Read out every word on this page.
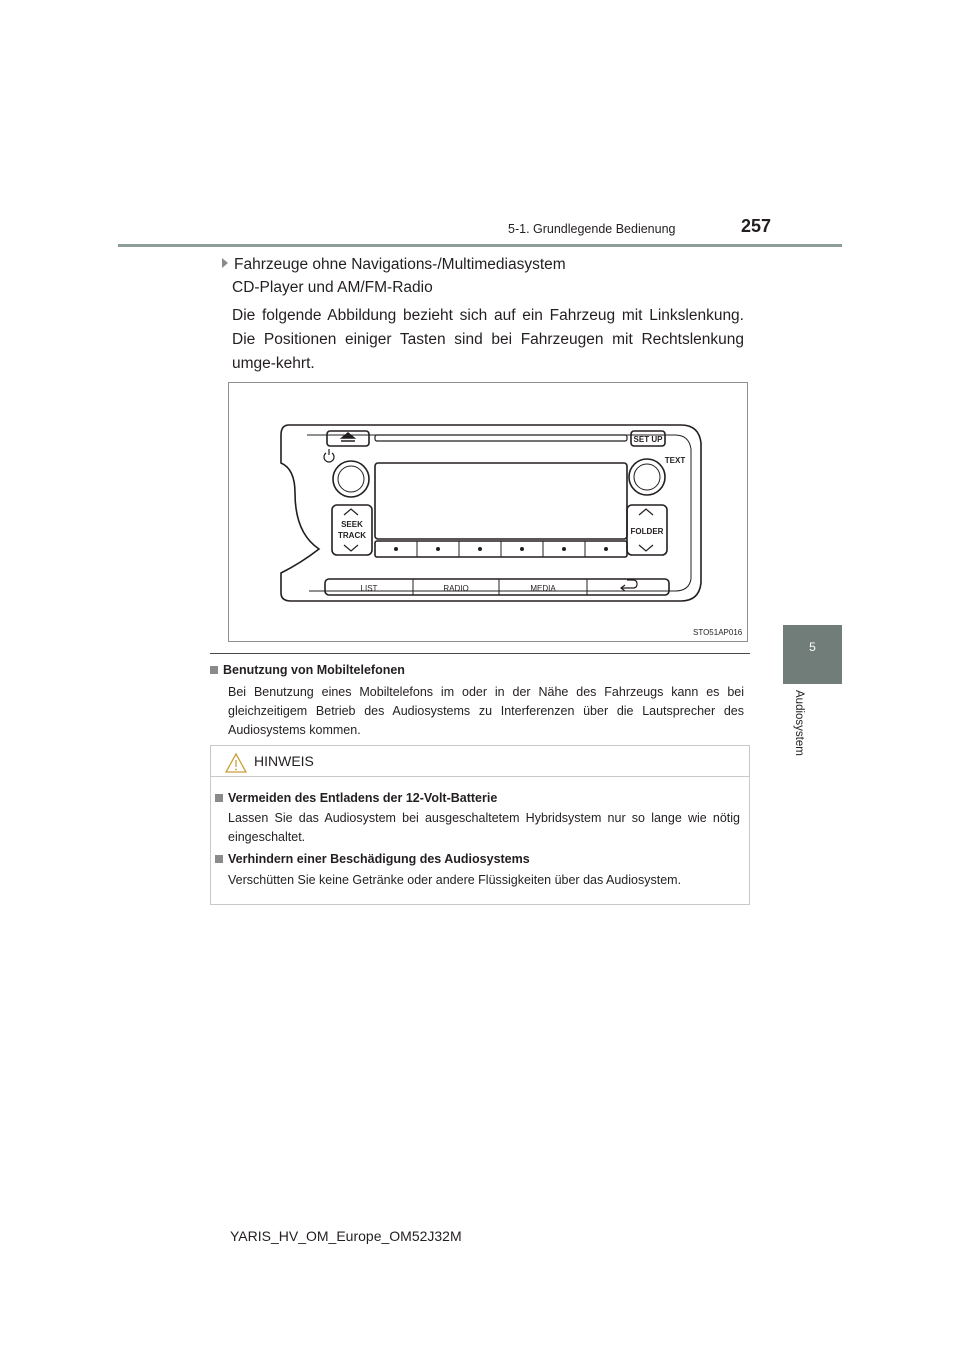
5-1. Grundlegende Bedienung	257
5
Audiosystem
Fahrzeuge ohne Navigations-/Multimediasystem
CD-Player und AM/FM-Radio
Die folgende Abbildung bezieht sich auf ein Fahrzeug mit Linkslenkung. Die Positionen einiger Tasten sind bei Fahrzeugen mit Rechtslenkung umge-kehrt.
SET UP
TEXT
SEEK
TRACK	FOLDER
LIST	RADIO	MEDIA
STO51AP016
Benutzung von Mobiltelefonen
Bei Benutzung eines Mobiltelefons im oder in der Nähe des Fahrzeugs kann es bei gleichzeitigem Betrieb des Audiosystems zu Interferenzen über die Lautsprecher des Audiosystems kommen.
HINWEIS
Vermeiden des Entladens der 12-Volt-Batterie
Lassen Sie das Audiosystem bei ausgeschaltetem Hybridsystem nur so lange wie nötig eingeschaltet.
Verhindern einer Beschädigung des Audiosystems
Verschütten Sie keine Getränke oder andere Flüssigkeiten über das Audiosystem.
YARIS_HV_OM_Europe_OM52J32M
